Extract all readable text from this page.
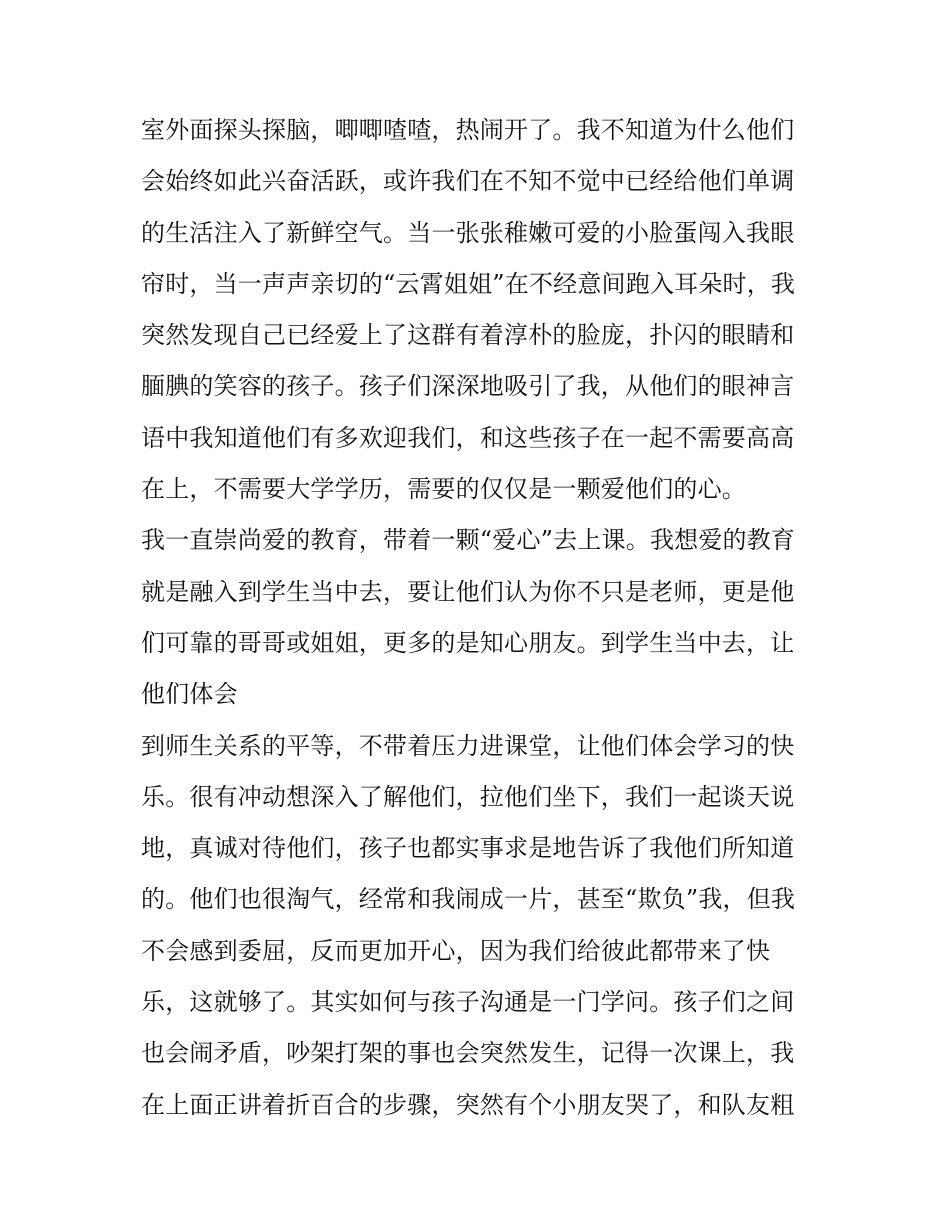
室外面探头探脑，唧唧喳喳，热闹开了。我不知道为什么他们
会始终如此兴奋活跃，或许我们在不知不觉中已经给他们单调
的生活注入了新鲜空气。当一张张稚嫩可爱的小脸蛋闯入我眼
帘时，当一声声亲切的“云霄姐姐”在不经意间跑入耳朵时，我
突然发现自己已经爱上了这群有着淳朴的脸庞，扑闪的眼睛和
腼腆的笑容的孩子。孩子们深深地吸引了我，从他们的眼神言
语中我知道他们有多欢迎我们，和这些孩子在一起不需要高高
在上，不需要大学学历，需要的仅仅是一颗爱他们的心。
我一直崇尚爱的教育，带着一颗“爱心”去上课。我想爱的教育
就是融入到学生当中去，要让他们认为你不只是老师，更是他
们可靠的哥哥或姐姐，更多的是知心朋友。到学生当中去，让
他们体会
到师生关系的平等，不带着压力进课堂，让他们体会学习的快
乐。很有冲动想深入了解他们，拉他们坐下，我们一起谈天说
地，真诚对待他们，孩子也都实事求是地告诉了我他们所知道
的。他们也很淘气，经常和我闹成一片，甚至“欺负”我，但我
不会感到委屈，反而更加开心，因为我们给彼此都带来了快
乐，这就够了。其实如何与孩子沟通是一门学问。孩子们之间
也会闹矛盾，吵架打架的事也会突然发生，记得一次课上，我
在上面正讲着折百合的步骤，突然有个小朋友哭了，和队友粗
